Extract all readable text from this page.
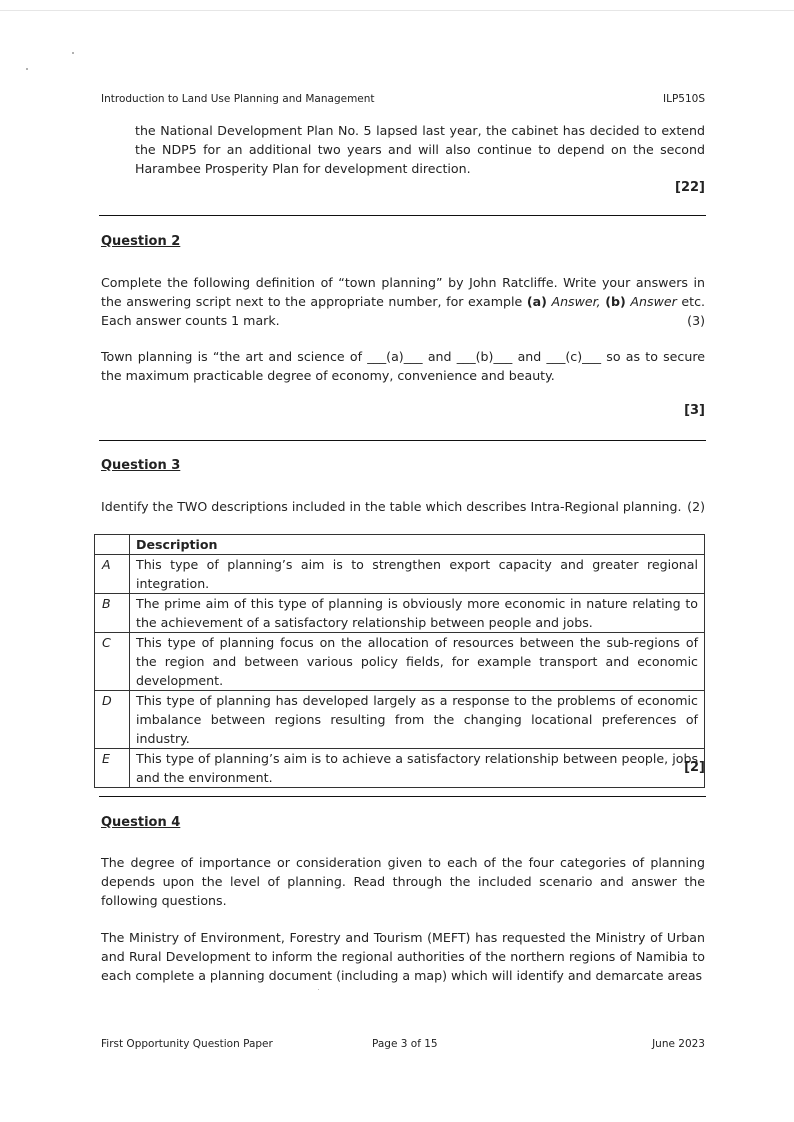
Introduction to Land Use Planning and Management	ILP510S

the National Development Plan No. 5 lapsed last year, the cabinet has decided to extend the NDP5 for an additional two years and will also continue to depend on the second Harambee Prosperity Plan for development direction.

[22]
Question 2

Complete the following definition of “town planning” by John Ratcliffe. Write your answers in the answering script next to the appropriate number, for example (a) Answer, (b) Answer etc. Each answer counts 1 mark.	(3)

Town planning is “the art and science of ___(a)___ and ___(b)___ and ___(c)___ so as to secure the maximum practicable degree of economy, convenience and beauty.

[3]
Question 3

Identify the TWO descriptions included in the table which describes Intra-Regional planning. (2)

	Description
A	This type of planning’s aim is to strengthen export capacity and greater regional integration.
B	The prime aim of this type of planning is obviously more economic in nature relating to the achievement of a satisfactory relationship between people and jobs.
C	This type of planning focus on the allocation of resources between the sub-regions of the region and between various policy fields, for example transport and economic development.
D	This type of planning has developed largely as a response to the problems of economic imbalance between regions resulting from the changing locational preferences of industry.
E	This type of planning’s aim is to achieve a satisfactory relationship between people, jobs and the environment.
[2]
Question 4

The degree of importance or consideration given to each of the four categories of planning depends upon the level of planning. Read through the included scenario and answer the following questions.

The Ministry of Environment, Forestry and Tourism (MEFT) has requested the Ministry of Urban and Rural Development to inform the regional authorities of the northern regions of Namibia to each complete a planning document (including a map) which will identify and demarcate areas

First Opportunity Question Paper	Page 3 of 15	June 2023
